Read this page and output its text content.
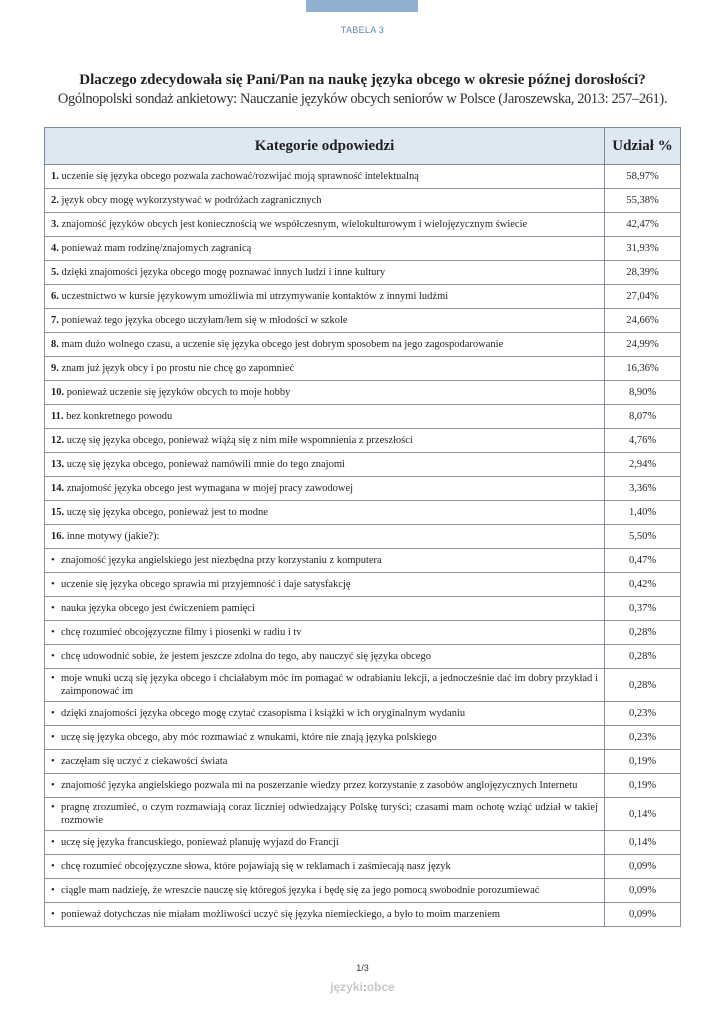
TABELA 3
Dlaczego zdecydowała się Pani/Pan na naukę języka obcego w okresie późnej dorosłości?
Ogólnopolski sondaż ankietowy: Nauczanie języków obcych seniorów w Polsce (Jaroszewska, 2013: 257–261).
Kategorie odpowiedzi	Udział %
1. uczenie się języka obcego pozwala zachować/rozwijać moją sprawność intelektualną	58,97%
2. język obcy mogę wykorzystywać w podróżach zagranicznych	55,38%
3. znajomość języków obcych jest koniecznością we współczesnym, wielokulturowym i wielojęzycznym świecie	42,47%
4. ponieważ mam rodzinę/znajomych zagranicą	31,93%
5. dzięki znajomości języka obcego mogę poznawać innych ludzi i inne kultury	28,39%
6. uczestnictwo w kursie językowym umożliwia mi utrzymywanie kontaktów z innymi ludźmi	27,04%
7. ponieważ tego języka obcego uczyłam/łem się w młodości w szkole	24,66%
8. mam dużo wolnego czasu, a uczenie się języka obcego jest dobrym sposobem na jego zagospodarowanie	24,99%
9. znam już język obcy i po prostu nie chcę go zapomnieć	16,36%
10. ponieważ uczenie się języków obcych to moje hobby	8,90%
11. bez konkretnego powodu	8,07%
12. uczę się języka obcego, ponieważ wiążą się z nim miłe wspomnienia z przeszłości	4,76%
13. uczę się języka obcego, ponieważ namówili mnie do tego znajomi	2,94%
14. znajomość języka obcego jest wymagana w mojej pracy zawodowej	3,36%
15. uczę się języka obcego, ponieważ jest to modne	1,40%
16. inne motywy (jakie?):	5,50%

• znajomość języka angielskiego jest niezbędna przy korzystaniu z komputera	0,47%

• uczenie się języka obcego sprawia mi przyjemność i daje satysfakcję	0,42%

• nauka języka obcego jest ćwiczeniem pamięci	0,37%

• chcę rozumieć obcojęzyczne filmy i piosenki w radiu i tv	0,28%

• chcę udowodnić sobie, że jestem jeszcze zdolna do tego, aby nauczyć się języka obcego	0,28%

• moje wnuki uczą się języka obcego i chciałabym móc im pomagać w odrabianiu lekcji, a jednocześnie dać im dobry przykład i zaimponować im	0,28%

• dzięki znajomości języka obcego mogę czytać czasopisma i książki w ich oryginalnym wydaniu	0,23%

• uczę się języka obcego, aby móc rozmawiać z wnukami, które nie znają języka polskiego	0,23%

• zaczęłam się uczyć z ciekawości świata	0,19%

• znajomość języka angielskiego pozwala mi na poszerzanie wiedzy przez korzystanie z zasobów anglojęzycznych Internetu	0,19%

• pragnę zrozumieć, o czym rozmawiają coraz liczniej odwiedzający Polskę turyści; czasami mam ochotę wziąć udział w takiej rozmowie	0,14%

• uczę się języka francuskiego, ponieważ planuję wyjazd do Francji	0,14%

• chcę rozumieć obcojęzyczne słowa, które pojawiają się w reklamach i zaśmiecają nasz język	0,09%

• ciągle mam nadzieję, że wreszcie nauczę się któregoś języka i będę się za jego pomocą swobodnie porozumiewać	0,09%

• ponieważ dotychczas nie miałam możliwości uczyć się języka niemieckiego, a było to moim marzeniem	0,09%
1/3
języki:obce
